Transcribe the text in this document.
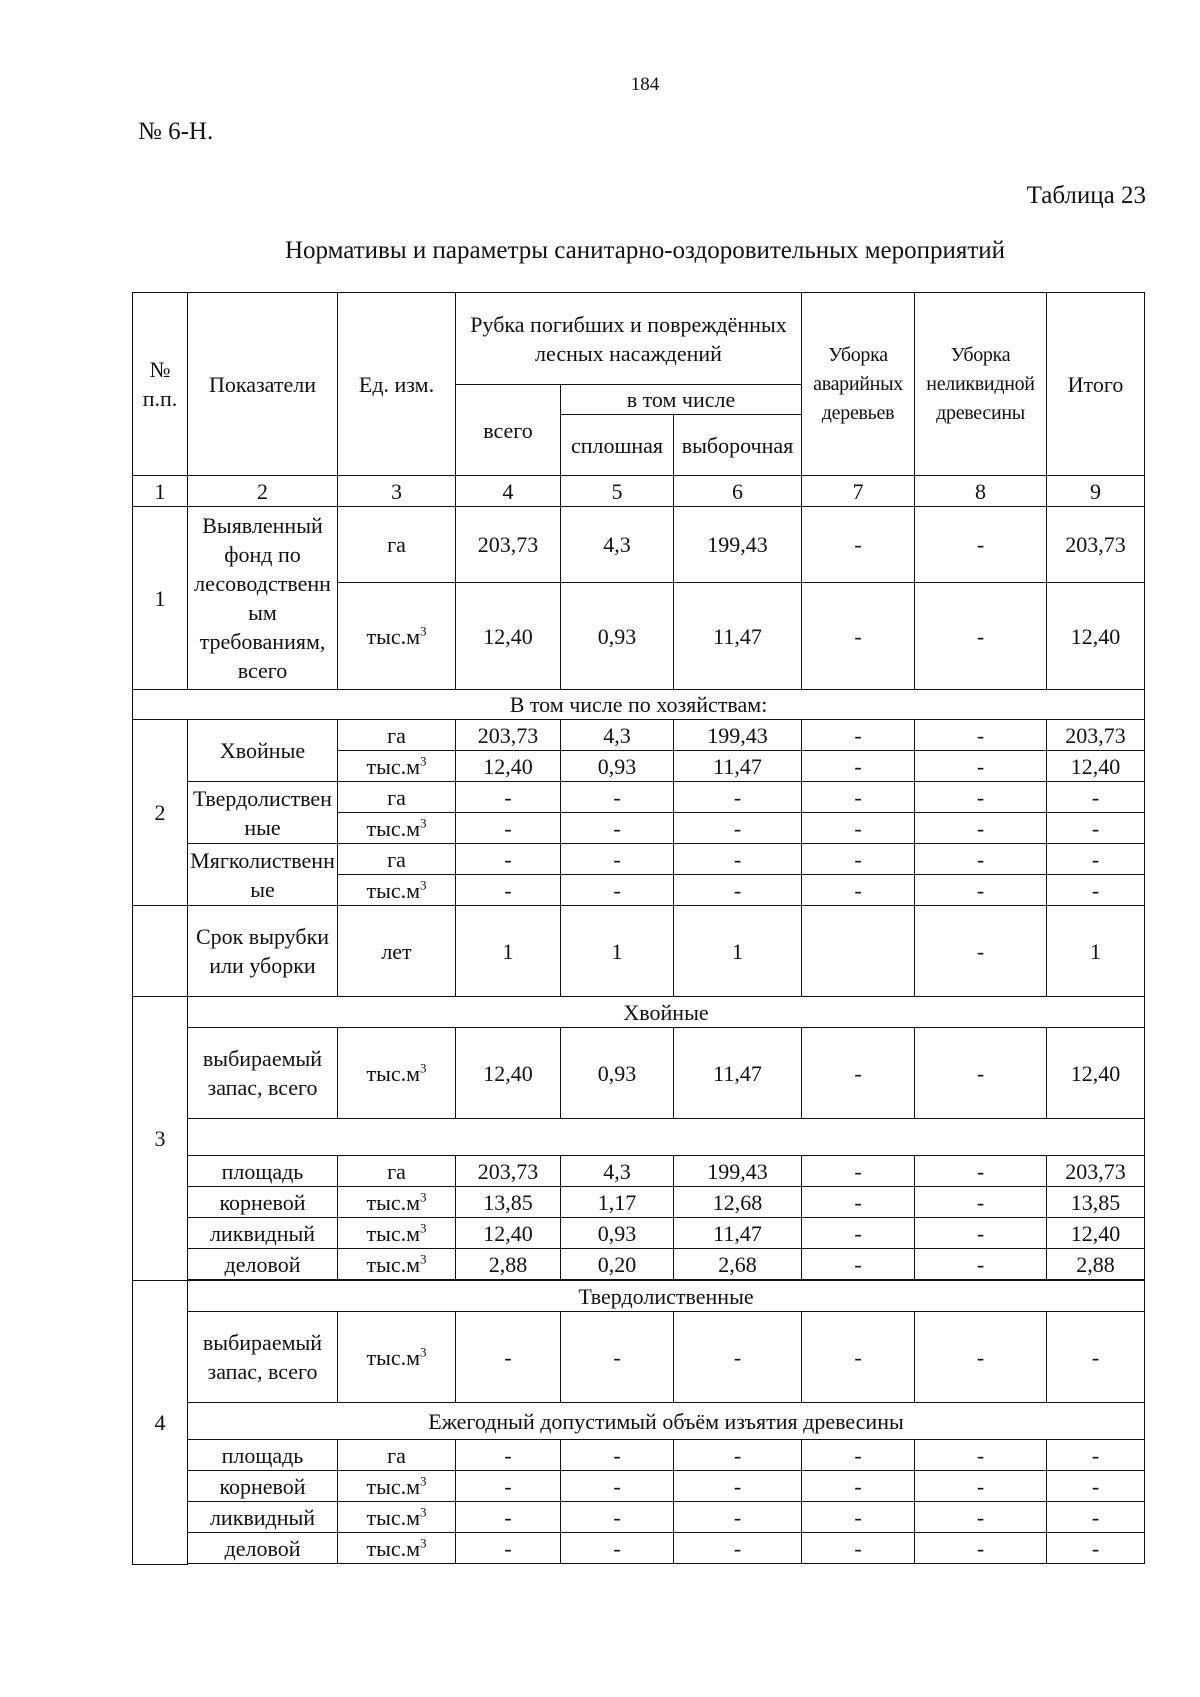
184
№ 6-Н.
Таблица 23
Нормативы и параметры санитарно-оздоровительных мероприятий
№ п.п.	Показатели	Ед. изм.	Рубка погибших и повреждённых лесных насаждений			Уборка аварийных деревьев	Уборка неликвидной древесины	Итого
			всего	в том числе				
				сплошная	выборочная			
1	2	3	4	5	6	7	8	9
1	Выявленный фонд по лесоводственным требованиям, всего	га	203,73	4,3	199,43	-	-	203,73
		$тыс.м^3$	12,40	0,93	11,47	-	-	12,40
В том числе по хозяйствам:								
2	Хвойные	га	203,73	4,3	199,43	-	-	203,73
		$тыс.м^3$	12,40	0,93	11,47	-	-	12,40
	Твердолиственные	га	-	-	-	-	-	-
		$тыс.м^3$	-	-	-	-	-	-
	Мягколиственные	га	-	-	-	-	-	-
		$тыс.м^3$	-	-	-	-	-	-
	Срок вырубки или уборки	лет	1	1	1		-	1
3	Хвойные							
	выбираемый запас, всего	$тыс.м^3$	12,40	0,93	11,47	-	-	12,40

	площадь	га	203,73	4,3	199,43	-	-	203,73
	корневой	$тыс.м^3$	13,85	1,17	12,68	-	-	13,85
	ликвидный	$тыс.м^3$	12,40	0,93	11,47	-	-	12,40
	деловой	$тыс.м^3$	2,88	0,20	2,68	-	-	2,88

4	Твердолиственные							
	выбираемый запас, всего	$тыс.м^3$	-	-	-	-	-	-
	Ежегодный допустимый объём изъятия древесины							
	площадь	га	-	-	-	-	-	-
	корневой	$тыс.м^3$	-	-	-	-	-	-
	ликвидный	$тыс.м^3$	-	-	-	-	-	-
	деловой	$тыс.м^3$	-	-	-	-	-	-
